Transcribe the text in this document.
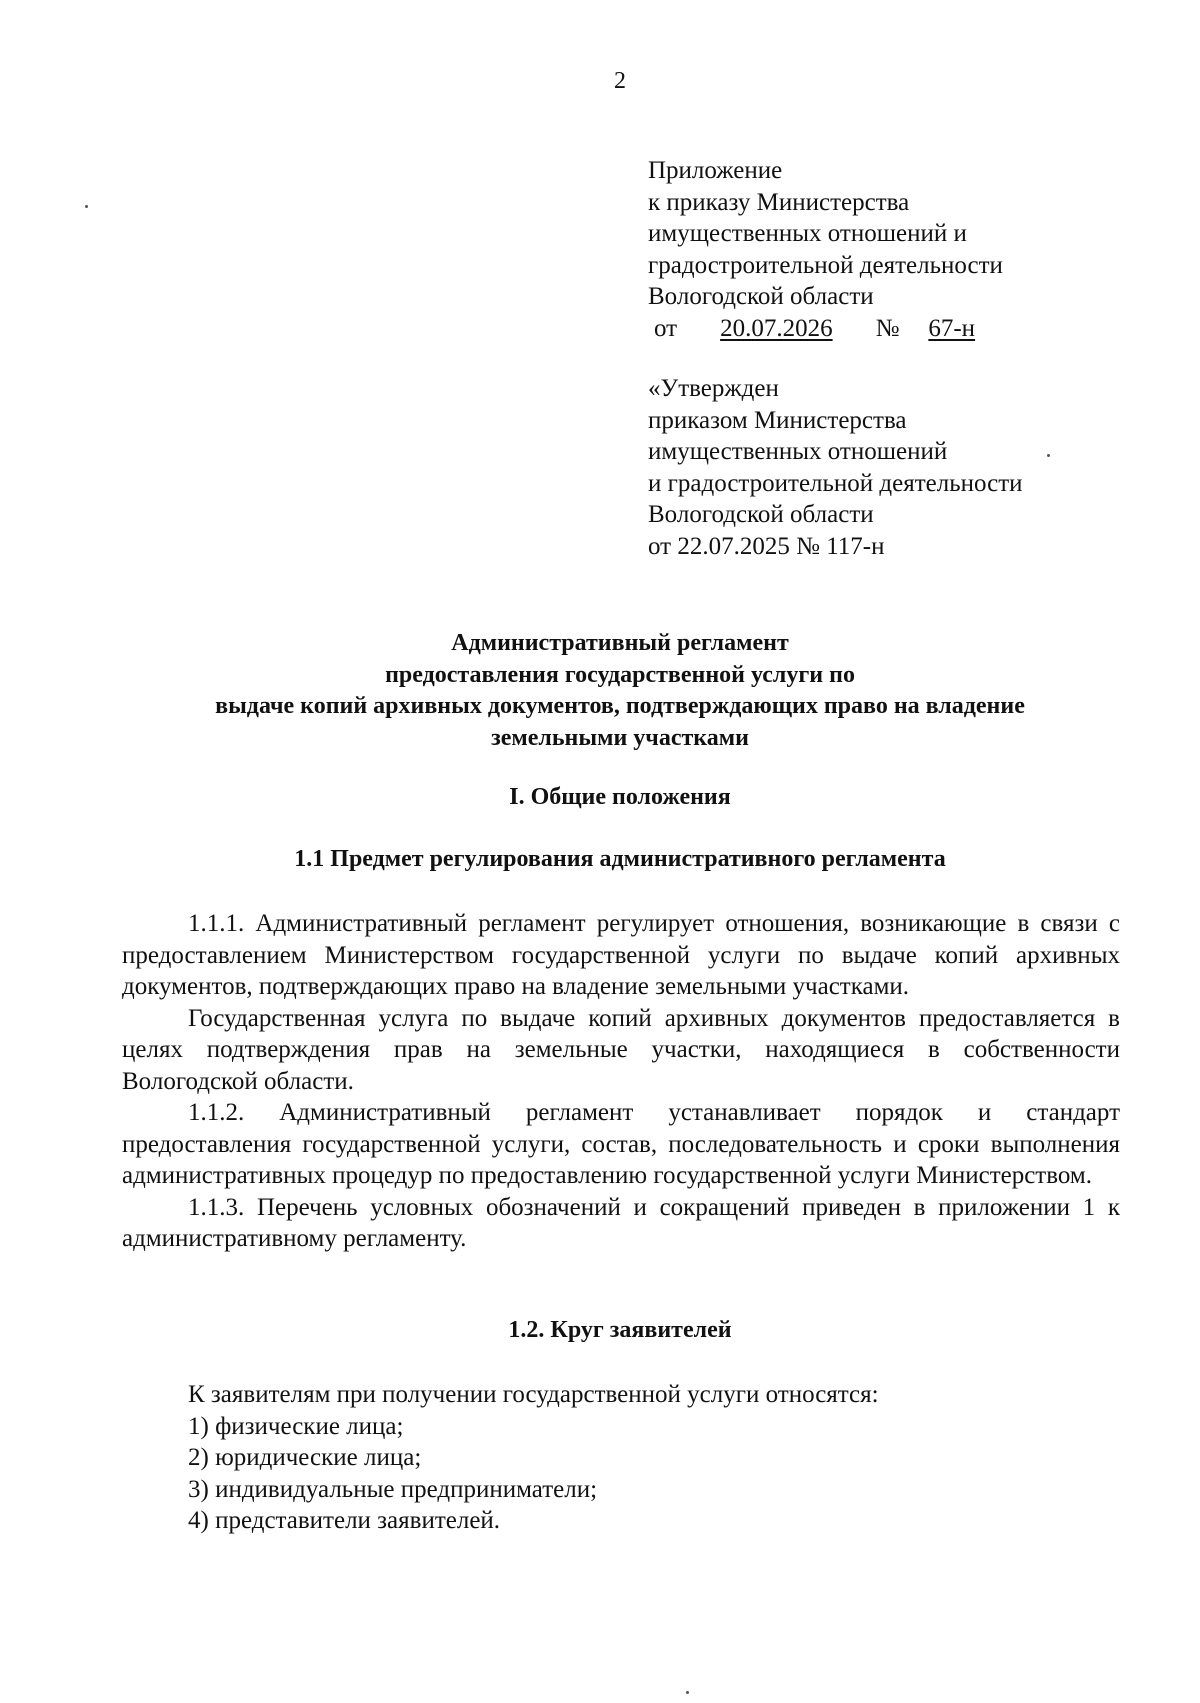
2
Приложение
к приказу Министерства
имущественных отношений и
градостроительной деятельности
Вологодской области
от 20.07.2026 № 67-н
«Утвержден
приказом Министерства
имущественных отношений
и градостроительной деятельности
Вологодской области
от 22.07.2025 № 117-н
Административный регламент
предоставления государственной услуги по
выдаче копий архивных документов, подтверждающих право на владение
земельными участками
I. Общие положения
1.1 Предмет регулирования административного регламента

1.1.1. Административный регламент регулирует отношения, возникающие в связи с предоставлением Министерством государственной услуги по выдаче копий архивных документов, подтверждающих право на владение земельными участками.

Государственная услуга по выдаче копий архивных документов предоставляется в целях подтверждения прав на земельные участки, находящиеся в собственности Вологодской области.

1.1.2. Административный регламент устанавливает порядок и стандарт предоставления государственной услуги, состав, последовательность и сроки выполнения административных процедур по предоставлению государственной услуги Министерством.

1.1.3. Перечень условных обозначений и сокращений приведен в приложении 1 к административному регламенту.

1.2. Круг заявителей
К заявителям при получении государственной услуги относятся:
1) физические лица;
2) юридические лица;
3) индивидуальные предприниматели;
4) представители заявителей.
